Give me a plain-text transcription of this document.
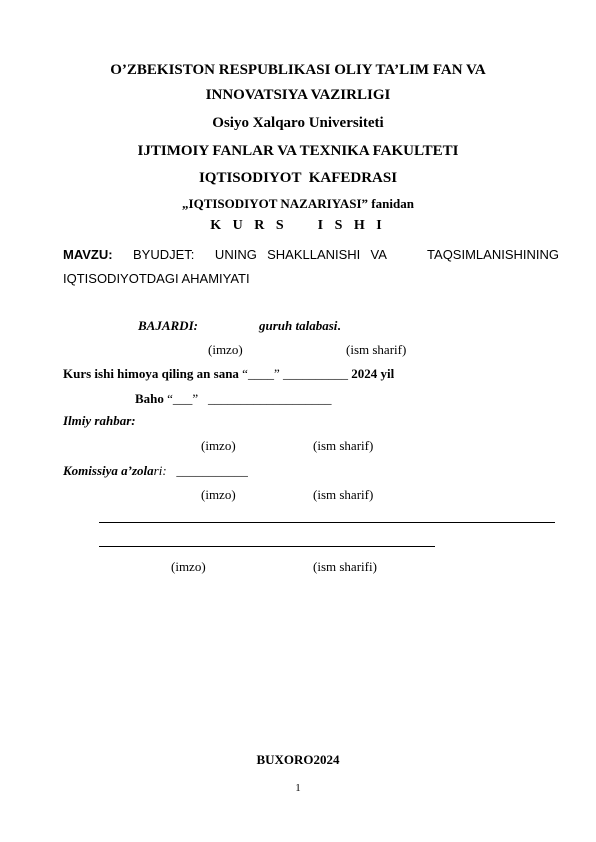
O’ZBEKISTON RESPUBLIKASI OLIY TA’LIM FAN VA
INNOVATSIYA VAZIRLIGI
Osiyo Xalqaro Universiteti
IJTIMOIY FANLAR VA TEXNIKA FAKULTETI
IQTISODIYOT  KAFEDRASI
„IQTISODIYOT NAZARIYASI” fanidan
K U R S    I S H I
MAVZU: BYUDJET:  UNING SHAKLLANISHI VA    TAQSIMLANISHINING
IQTISODIYOTDAGI AHAMIYATI
BAJARDI:	guruh talabasi.
(imzo)	(ism sharif)
Kurs ishi himoya qiling an sana “____” __________ 2024 yil
Baho “___”   ___________________
Ilmiy rahbar:
(imzo)	(ism sharif)
Komissiya a’zolari: ___________
(imzo)	(ism sharif)
(imzo)	(ism sharifi)
BUXORO2024
1
